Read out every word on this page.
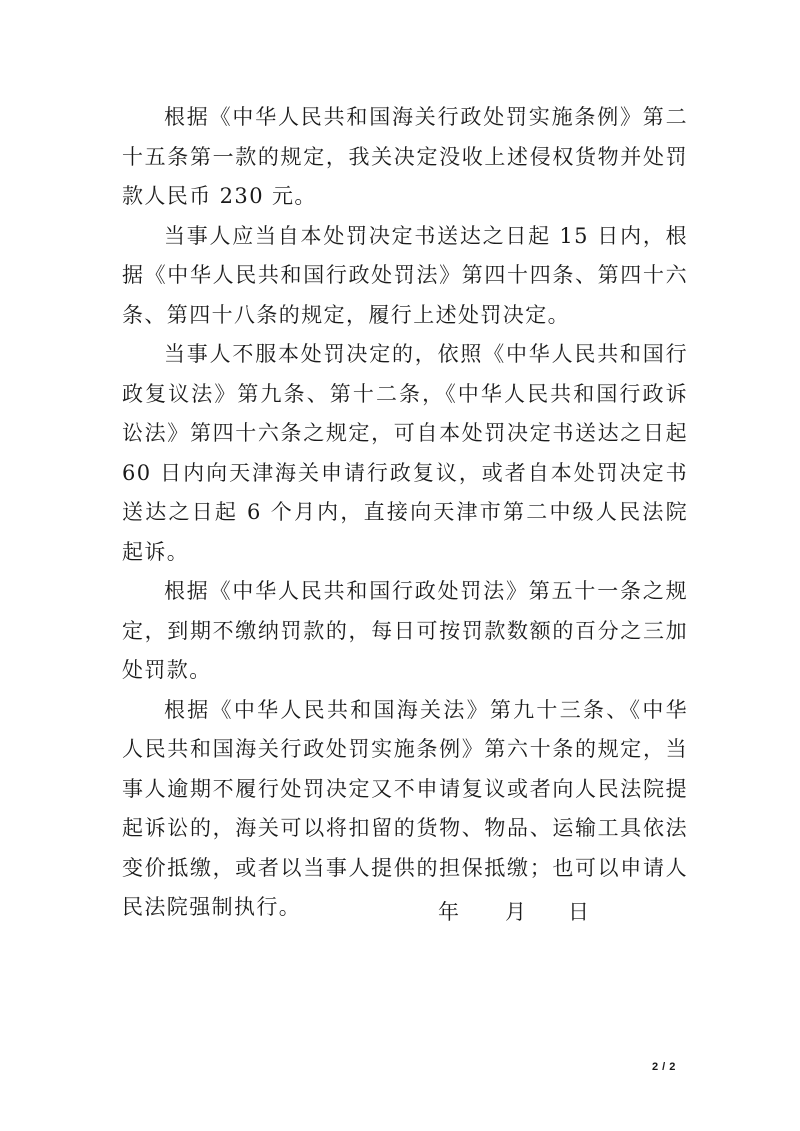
根据《中华人民共和国海关行政处罚实施条例》第二十五条第一款的规定，我关决定没收上述侵权货物并处罚款人民币 230 元。

当事人应当自本处罚决定书送达之日起 15 日内，根据《中华人民共和国行政处罚法》第四十四条、第四十六条、第四十八条的规定，履行上述处罚决定。

当事人不服本处罚决定的，依照《中华人民共和国行政复议法》第九条、第十二条，《中华人民共和国行政诉讼法》第四十六条之规定，可自本处罚决定书送达之日起 60 日内向天津海关申请行政复议，或者自本处罚决定书送达之日起 6 个月内，直接向天津市第二中级人民法院起诉。

根据《中华人民共和国行政处罚法》第五十一条之规定，到期不缴纳罚款的，每日可按罚款数额的百分之三加处罚款。

根据《中华人民共和国海关法》第九十三条、《中华人民共和国海关行政处罚实施条例》第六十条的规定，当事人逾期不履行处罚决定又不申请复议或者向人民法院提起诉讼的，海关可以将扣留的货物、物品、运输工具依法变价抵缴，或者以当事人提供的担保抵缴；也可以申请人民法院强制执行。	年 月 日
2 / 2
